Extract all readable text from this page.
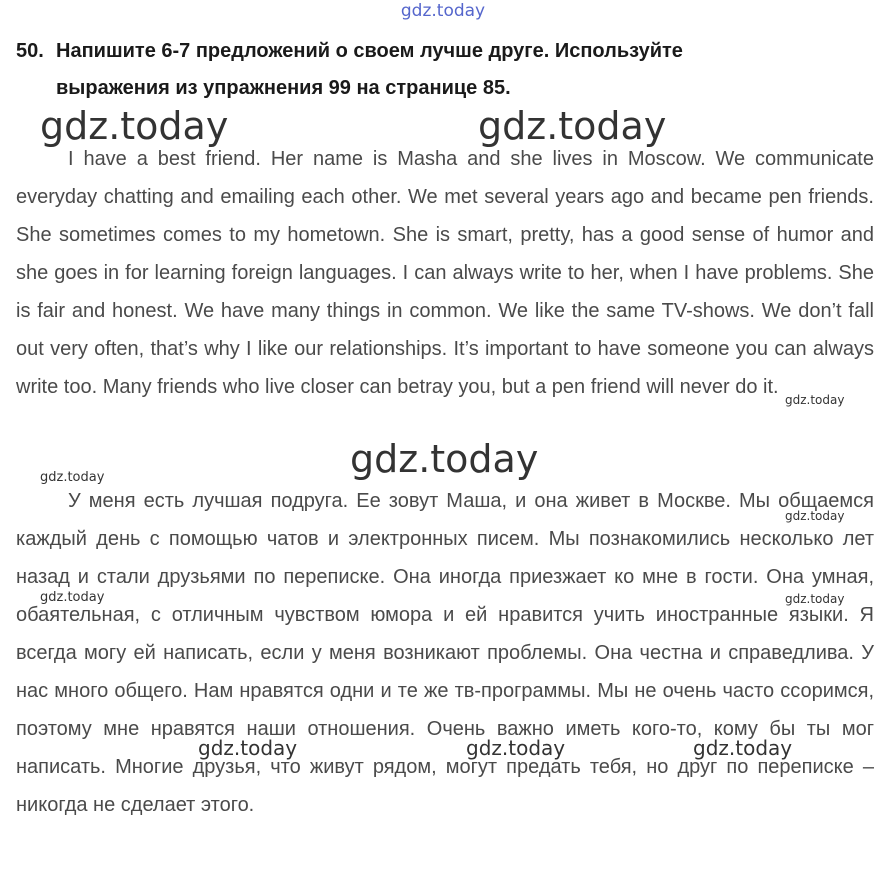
gdz.today
50. Напишите 6-7 предложений о своем лучше друге. Используйте
выражения из упражнения 99 на странице 85.
I have a best friend. Her name is Masha and she lives in Moscow. We communicate everyday chatting and emailing each other. We met several years ago and became pen friends. She sometimes comes to my hometown. She is smart, pretty, has a good sense of humor and she goes in for learning foreign languages. I can always write to her, when I have problems. She is fair and honest. We have many things in common. We like the same TV-shows. We don’t fall out very often, that’s why I like our relationships. It’s important to have someone you can always write too. Many friends who live closer can betray you, but a pen friend will never do it.
У меня есть лучшая подруга. Ее зовут Маша, и она живет в Москве. Мы общаемся каждый день с помощью чатов и электронных писем. Мы познакомились несколько лет назад и стали друзьями по переписке. Она иногда приезжает ко мне в гости. Она умная, обаятельная, с отличным чувством юмора и ей нравится учить иностранные языки. Я всегда могу ей написать, если у меня возникают проблемы. Она честна и справедлива. У нас много общего. Нам нравятся одни и те же тв-программы. Мы не очень часто ссоримся, поэтому мне нравятся наши отношения. Очень важно иметь кого-то, кому бы ты мог написать. Многие друзья, что живут рядом, могут предать тебя, но друг по переписке – никогда не сделает этого.
gdz.today	gdz.today
gdz.today
gdz.today
gdz.today
gdz.today
gdz.today	gdz.today
gdz.today	gdz.today	gdz.today
